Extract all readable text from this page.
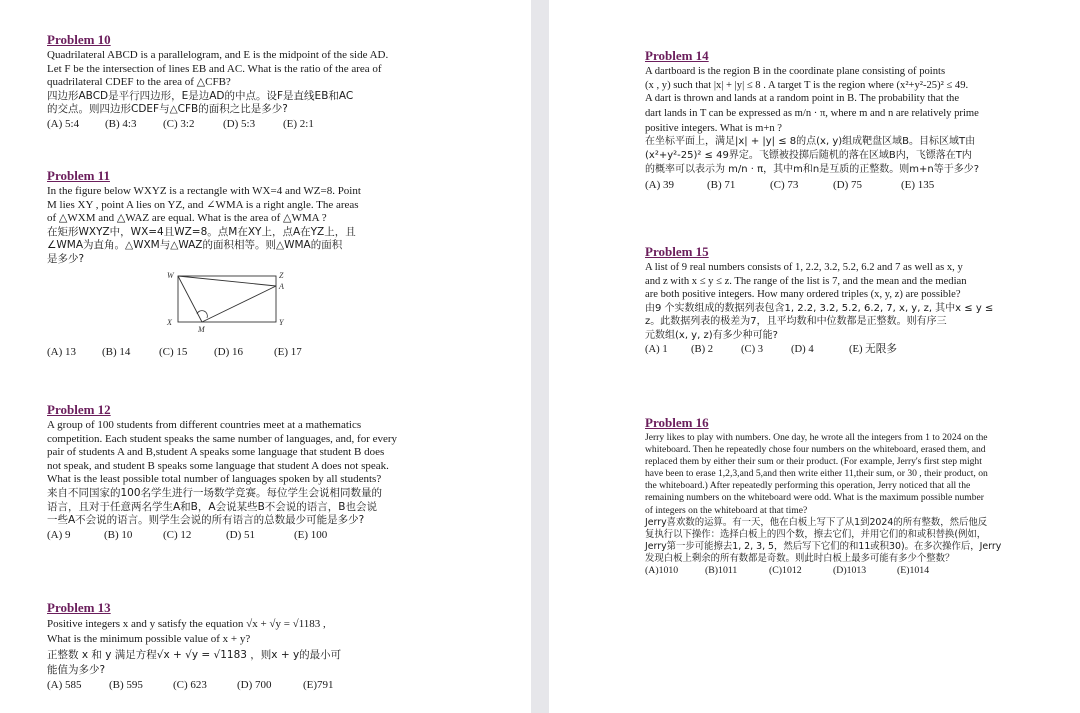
Problem 10
Quadrilateral ABCD is a parallelogram, and E is the midpoint of the side AD.
Let F be the intersection of lines EB and AC. What is the ratio of the area of
quadrilateral CDEF to the area of △CFB?
四边形ABCD是平行四边形，E是边AD的中点。设F是直线EB和AC
的交点。则四边形CDEF与△CFB的面积之比是多少?
(A) 5:4	(B) 4:3	(C) 3:2	(D) 5:3	(E) 2:1
Problem 11
In the figure below WXYZ is a rectangle with WX=4 and WZ=8. Point
M lies XY , point A lies on YZ, and ∠WMA is a right angle. The areas
of △WXM and △WAZ are equal. What is the area of △WMA ?
在矩形WXYZ中，WX=4且WZ=8。点M在XY上，点A在YZ上，且
∠WMA为直角。△WXM与△WAZ的面积相等。则△WMA的面积
是多少?
W	Z
A
X	Y
M
(A) 13	(B) 14	(C) 15	(D) 16	(E) 17
Problem 12
A group of 100 students from different countries meet at a mathematics
competition. Each student speaks the same number of languages, and, for every
pair of students A and B,student A speaks some language that student B does
not speak, and student B speaks some language that student A does not speak.
What is the least possible total number of languages spoken by all students?
来自不同国家的100名学生进行一场数学竞赛。每位学生会说相同数量的
语言，且对于任意两名学生A和B，A会说某些B不会说的语言，B也会说
一些A不会说的语言。则学生会说的所有语言的总数最少可能是多少?
(A) 9	(B) 10	(C) 12	(D) 51	(E) 100
Problem 13
Positive integers x and y satisfy the equation √x + √y = √1183 ,
What is the minimum possible value of x + y?
正整数 x 和 y 满足方程√x + √y = √1183 ，则x + y的最小可
能值为多少?
(A) 585	(B) 595	(C) 623	(D) 700	(E)791
Problem 14
A dartboard is the region B in the coordinate plane consisting of points
(x , y) such that |x| + |y| ≤ 8 . A target T is the region where (x²+y²-25)² ≤ 49.
A dart is thrown and lands at a random point in B. The probability that the
dart lands in T can be expressed as m/n · π, where m and n are relatively prime
positive integers. What is m+n ?
在坐标平面上，满足|x| + |y| ≤ 8的点(x, y)组成靶盘区域B。目标区域T由
(x²+y²-25)² ≤ 49界定。飞镖被投掷后随机的落在区域B内，飞镖落在T内
的概率可以表示为 m/n · π，其中m和n是互质的正整数。则m+n等于多少?
(A) 39	(B) 71	(C) 73	(D) 75	(E) 135
Problem 15
A list of 9 real numbers consists of 1, 2.2, 3.2, 5.2, 6.2 and 7 as well as x, y
and z with x ≤ y ≤ z. The range of the list is 7, and the mean and the median
are both positive integers. How many ordered triples (x, y, z) are possible?
由9 个实数组成的数据列表包含1, 2.2, 3.2, 5.2, 6.2, 7, x, y, z, 其中x ≤ y ≤
z。此数据列表的极差为7，且平均数和中位数都是正整数。则有序三
元数组(x, y, z)有多少种可能?
(A) 1	(B) 2	(C) 3	(D) 4	(E) 无限多
Problem 16
Jerry likes to play with numbers. One day, he wrote all the integers from 1 to 2024 on the
whiteboard. Then he repeatedly chose four numbers on the whiteboard, erased them, and
replaced them by either their sum or their product. (For example, Jerry's first step might
have been to erase 1,2,3,and 5,and then write either 11,their sum, or 30 , their product, on
the whiteboard.) After repeatedly performing this operation, Jerry noticed that all the
remaining numbers on the whiteboard were odd. What is the maximum possible number
of integers on the whiteboard at that time?
Jerry喜欢数的运算。有一天，他在白板上写下了从1到2024的所有整数，然后他反
复执行以下操作：选择白板上的四个数，擦去它们，并用它们的和或积替换(例如，
Jerry第一步可能擦去1, 2, 3, 5，然后写下它们的和11或积30)。在多次操作后，Jerry
发现白板上剩余的所有数都是奇数。则此时白板上最多可能有多少个整数？
(A)1010	(B)1011	(C)1012	(D)1013	(E)1014
